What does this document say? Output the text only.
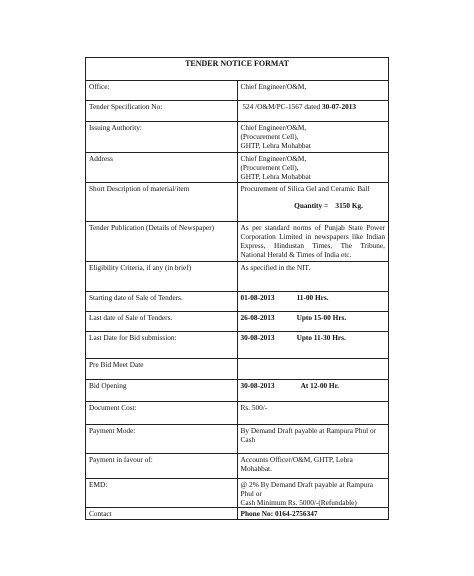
TENDER NOTICE FORMAT	
Office:	Chief Engineer/O&M,
Tender Specification No:	524 /O&M/PC-1567 dated 30-07-2013
Issuing Authority:	Chief Engineer/O&M,
(Procurement Cell),
GHTP, Lehra Mohabbat

Address	Chief Engineer/O&M,
(Procurement Cell),
GHTP, Lehra Mohabbat

Short Description of material/item	Procurement of Silica Gel and Ceramic Ball
Quantity = 3150 Kg.

Tender Publication (Details of Newspaper)	As per standard norms of Punjab State Power Corporation Limited in newspapers like Indian Express, Hindustan Times, The Tribune, National Herald & Times of India etc.
Eligibility Criteria, if any (in brief)	As specified in the NIT.
Starting date of Sale of Tenders.	01-08-2013 11-00 Hrs.
Last date of Sale of Tenders.	26-08-2013 Upto 15-00 Hrs.
Last Date for Bid submission:	30-08-2013 Upto 11-30 Hrs.
Pre Bid Meet Date	
Bid Opening	30-08-2013 At 12-00 Hr.
Document Cost:	Rs. 500/-
Payment Mode:	By Demand Draft payable at Rampura Phul or Cash
Payment in favour of:	Accounts Officer/O&M, GHTP, Lehra Mohabbat.
EMD:	@ 2% By Demand Draft payable at Rampura Phul or
Cash Minimum Rs. 5000/-(Refundable)

Contact	Phone No: 0164-2756347
